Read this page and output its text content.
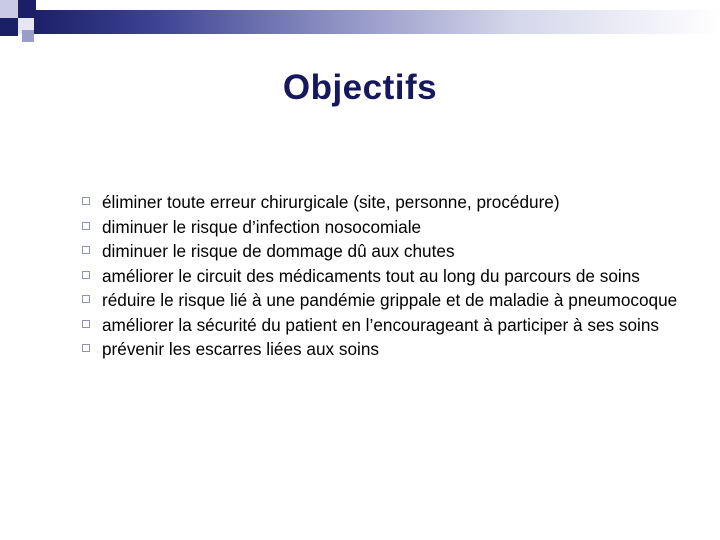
Objectifs
éliminer toute erreur chirurgicale (site, personne, procédure)
diminuer le risque d’infection nosocomiale
diminuer le risque de dommage dû aux chutes
améliorer le circuit des médicaments tout au long du parcours de soins
réduire le risque lié à une pandémie grippale et de maladie à pneumocoque
améliorer la sécurité du patient en l’encourageant à participer à ses soins
prévenir les escarres liées aux soins
